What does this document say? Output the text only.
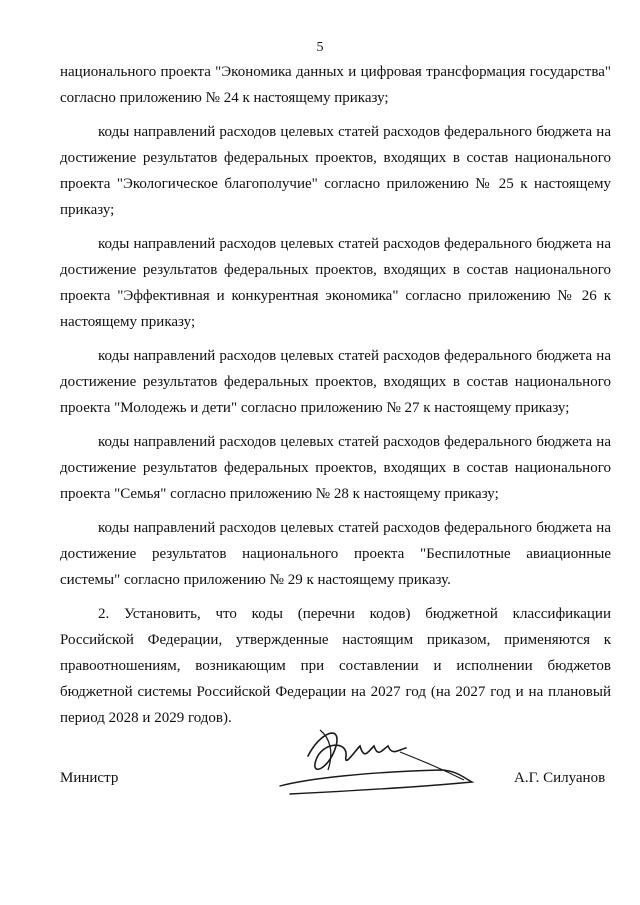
5

национального проекта "Экономика данных и цифровая трансформация государства" согласно приложению № 24 к настоящему приказу;

коды направлений расходов целевых статей расходов федерального бюджета на достижение результатов федеральных проектов, входящих в состав национального проекта "Экологическое благополучие" согласно приложению № 25 к настоящему приказу;

коды направлений расходов целевых статей расходов федерального бюджета на достижение результатов федеральных проектов, входящих в состав национального проекта "Эффективная и конкурентная экономика" согласно приложению № 26 к настоящему приказу;

коды направлений расходов целевых статей расходов федерального бюджета на достижение результатов федеральных проектов, входящих в состав национального проекта "Молодежь и дети" согласно приложению № 27 к настоящему приказу;

коды направлений расходов целевых статей расходов федерального бюджета на достижение результатов федеральных проектов, входящих в состав национального проекта "Семья" согласно приложению № 28 к настоящему приказу;

коды направлений расходов целевых статей расходов федерального бюджета на достижение результатов национального проекта "Беспилотные авиационные системы" согласно приложению № 29 к настоящему приказу.

2. Установить, что коды (перечни кодов) бюджетной классификации Российской Федерации, утвержденные настоящим приказом, применяются к правоотношениям, возникающим при составлении и исполнении бюджетов бюджетной системы Российской Федерации на 2027 год (на 2027 год и на плановый период 2028 и 2029 годов).

Министр	А.Г. Силуанов
